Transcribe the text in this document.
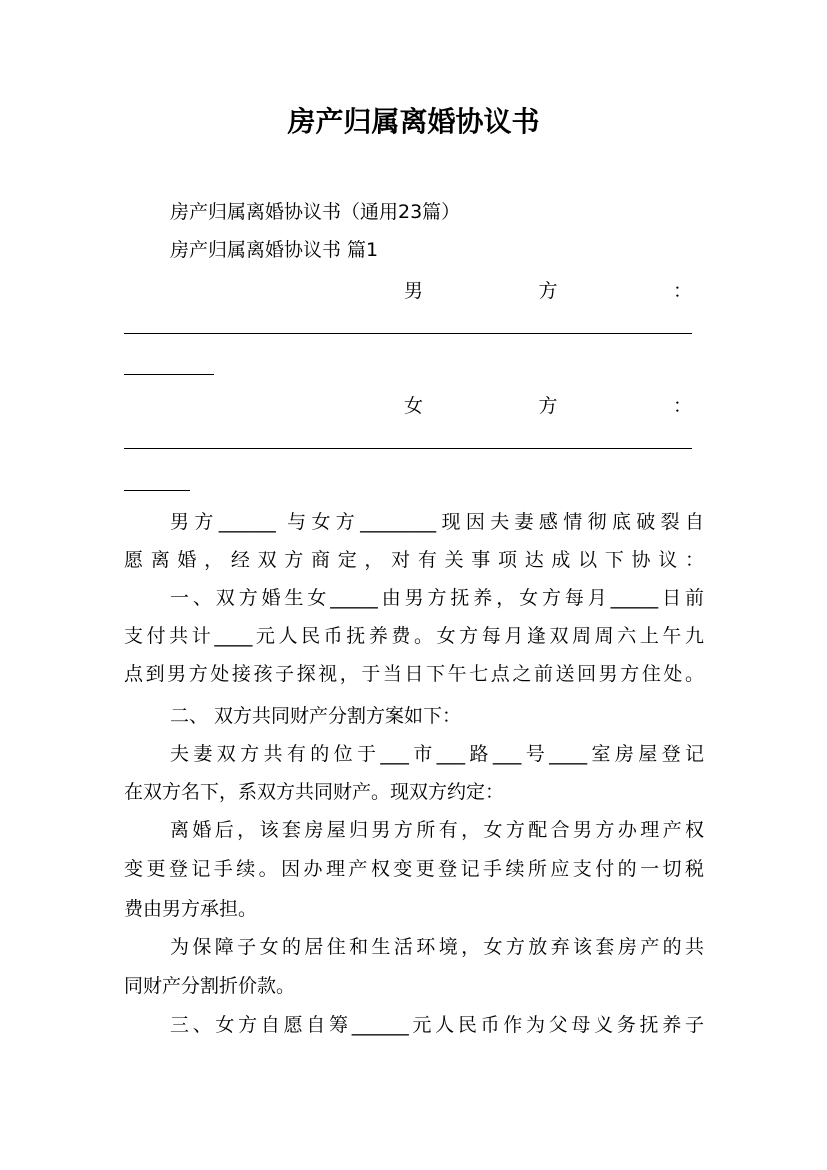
房产归属离婚协议书
房产归属离婚协议书（通用23篇）
房产归属离婚协议书 篇1
男	方	：
女	方	：
男方______ 与女方________现因夫妻感情彻底破裂自
愿离婚，经双方商定，对有关事项达成以下协议：
一、双方婚生女_____由男方抚养，女方每月_____日前
支付共计____元人民币抚养费。女方每月逢双周周六上午九
点到男方处接孩子探视，于当日下午七点之前送回男方住处。
二、 双方共同财产分割方案如下：
夫妻双方共有的位于___市___路___号____室房屋登记
在双方名下，系双方共同财产。现双方约定：
离婚后，该套房屋归男方所有，女方配合男方办理产权
变更登记手续。因办理产权变更登记手续所应支付的一切税
费由男方承担。
为保障子女的居住和生活环境，女方放弃该套房产的共
同财产分割折价款。
三、女方自愿自筹______元人民币作为父母义务抚养子
